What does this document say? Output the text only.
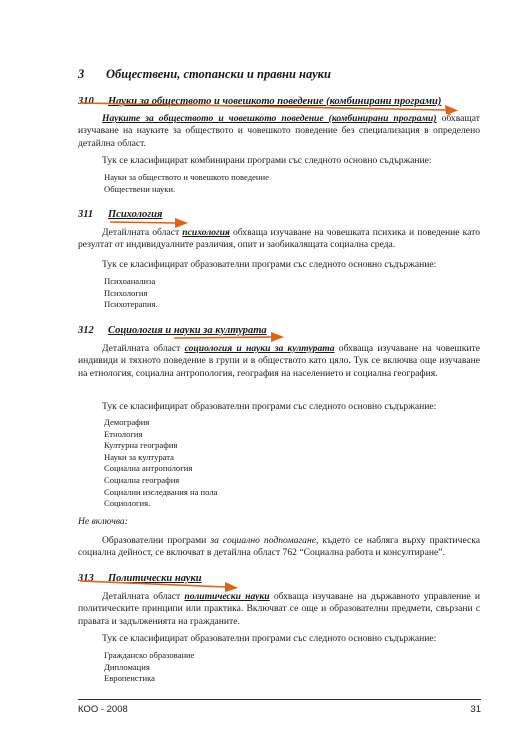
3 Обществени, стопански и правни науки
310 Науки за обществото и човешкото поведение (комбинирани програми)
Науките за обществото и човешкото поведение (комбинирани програми) обхващат изучаване на науките за обществото и човешкото поведение без специализация в определено детайлна област.
Тук се класифицират комбинирани програми със следното основно съдържание:
Науки за обществото и човешкото поведение
Обществени науки.
311 Психология
Детайлната област психология обхваща изучаване на човешката психика и поведение като резултат от индивидуалните различия, опит и заобикалящата социална среда.
Тук се класифицират образователни програми със следното основно съдържание:
Психоанализа
Психология
Психотерапия.
312 Социология и науки за културата
Детайлната област социология и науки за културата обхваща изучаване на човешките индивиди и тяхното поведение в групи и в обществото като цяло. Тук се включва още изучаване на етнология, социална антропология, география на населението и социална география.
Тук се класифицират образователни програми със следното основно съдържание:
Демография
Етнология
Културна география
Науки за културата
Социална антропология
Социална география
Социални изследвания на пола
Социология.
Не включва:
Образователни програми за социално подпомагане, където се наблягa върху практическа социална дейност, се включват в детайлна област 762 “Социална работа и консултиране”.
313 Политически науки
Детайлната област политически науки обхваща изучаване на държавното управление и политическите принципи или практика. Включват се още и образователни предмети, свързани с правата и задълженията на гражданите.
Тук се класифицират образователни програми със следното основно съдържание:
Гражданско образование
Дипломация
Европеистика
КОО - 2008	31
